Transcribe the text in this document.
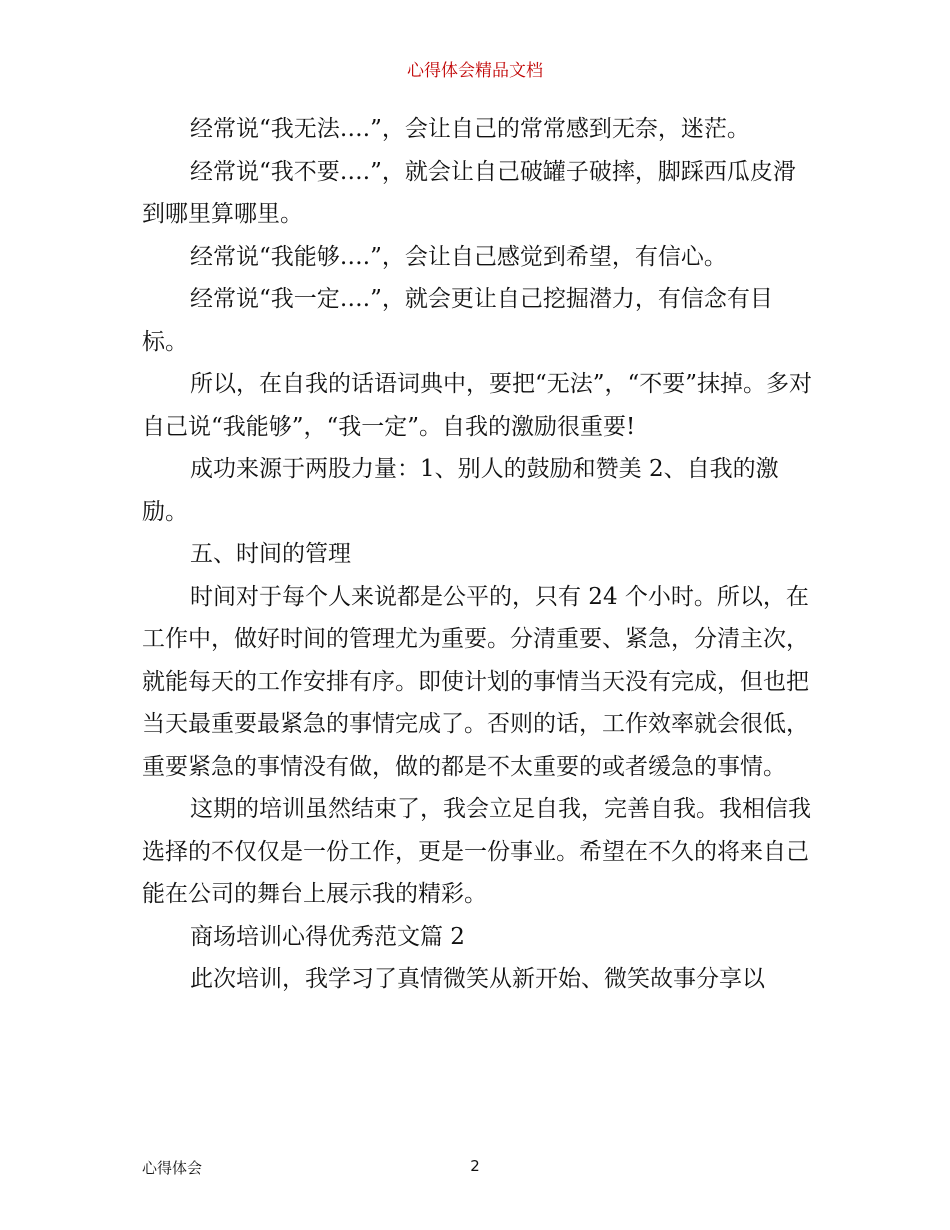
心得体会精品文档

经常说“我无法….”，会让自己的常常感到无奈，迷茫。

经常说“我不要….”，就会让自己破罐子破摔，脚踩西瓜皮滑到哪里算哪里。

经常说“我能够….”，会让自己感觉到希望，有信心。

经常说“我一定….”，就会更让自己挖掘潜力，有信念有目标。

所以，在自我的话语词典中，要把“无法”，“不要”抹掉。多对自己说“我能够”，“我一定”。自我的激励很重要!

成功来源于两股力量：1、别人的鼓励和赞美 2、自我的激励。

五、时间的管理

时间对于每个人来说都是公平的，只有 24 个小时。所以，在工作中，做好时间的管理尤为重要。分清重要、紧急，分清主次，就能每天的工作安排有序。即使计划的事情当天没有完成，但也把当天最重要最紧急的事情完成了。否则的话，工作效率就会很低，重要紧急的事情没有做，做的都是不太重要的或者缓急的事情。

这期的培训虽然结束了，我会立足自我，完善自我。我相信我选择的不仅仅是一份工作，更是一份事业。希望在不久的将来自己能在公司的舞台上展示我的精彩。

商场培训心得优秀范文篇 2

此次培训，我学习了真情微笑从新开始、微笑故事分享以

心得体会	2
